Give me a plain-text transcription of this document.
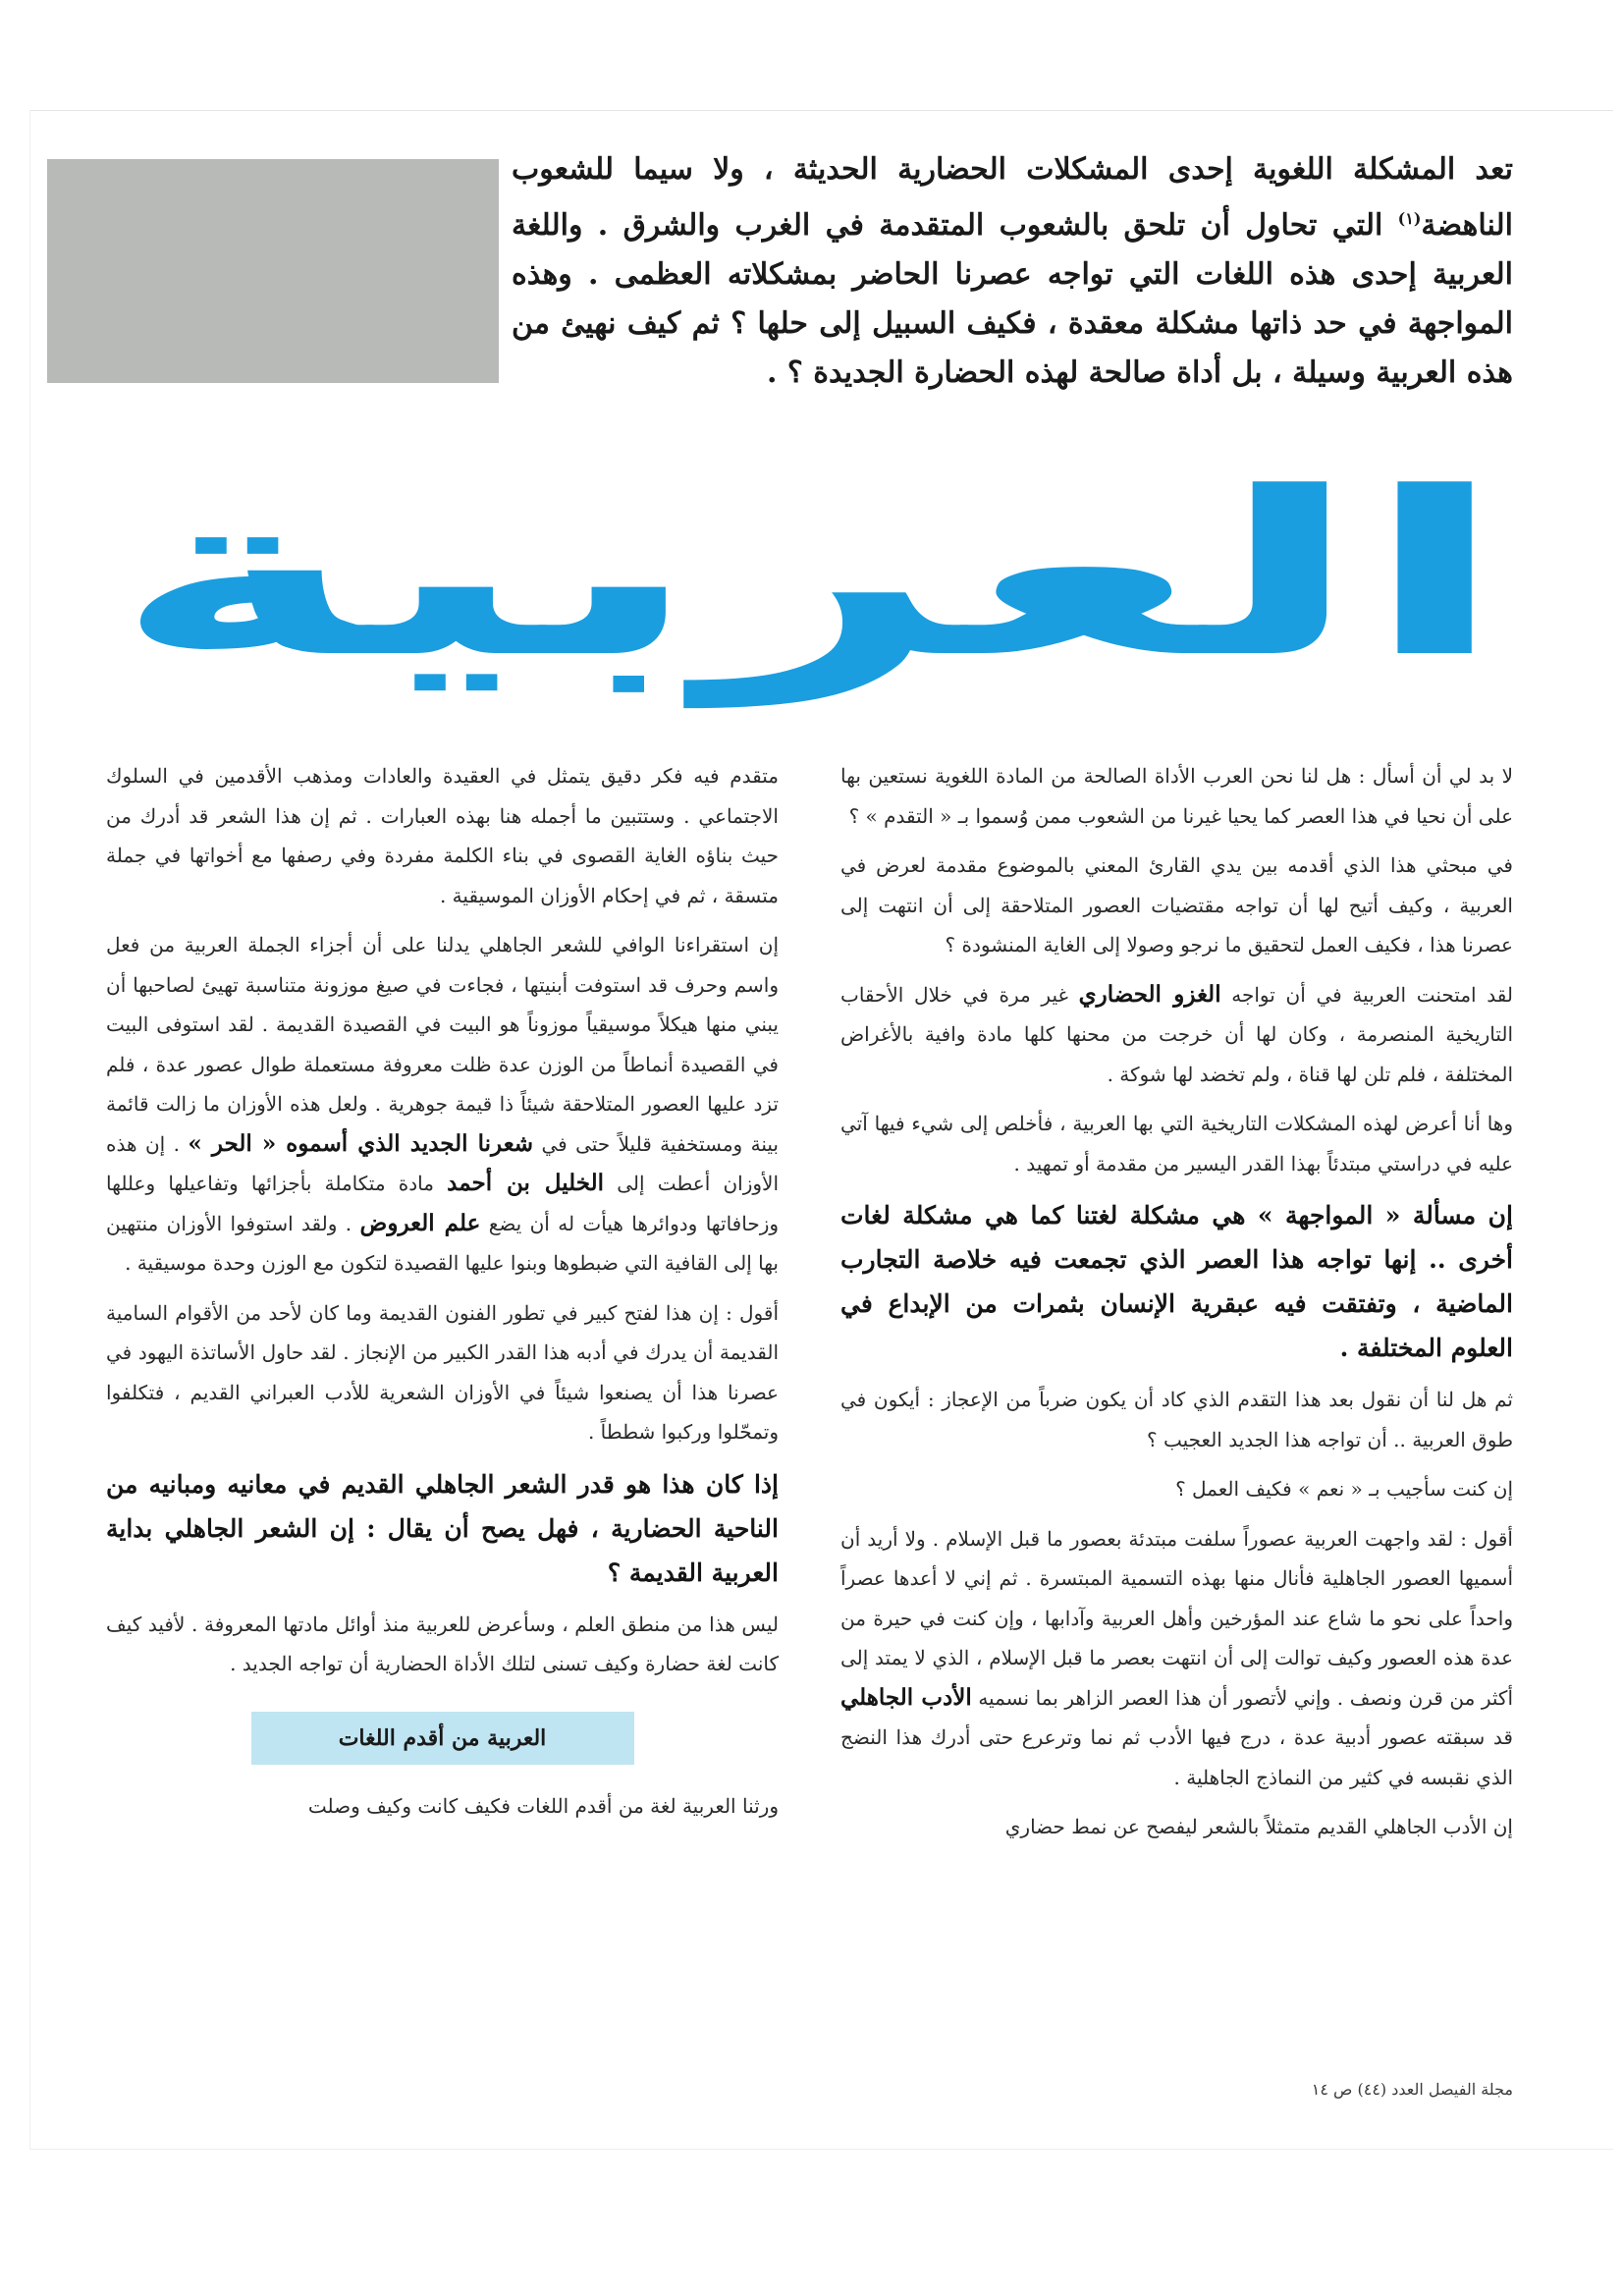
تعد المشكلة اللغوية إحدى المشكلات الحضارية الحديثة ، ولا سيما للشعوب الناهضة$^{(١)}$ التي تحاول أن تلحق بالشعوب المتقدمة في الغرب والشرق . واللغة العربية إحدى هذه اللغات التي تواجه عصرنا الحاضر بمشكلاته العظمى . وهذه المواجهة في حد ذاتها مشكلة معقدة ، فكيف السبيل إلى حلها ؟ ثم كيف نهيئ من هذه العربية وسيلة ، بل أداة صالحة لهذه الحضارة الجديدة ؟ .
العربية

لا بد لي أن أسأل : هل لنا نحن العرب الأداة الصالحة من المادة اللغوية نستعين بها على أن نحيا في هذا العصر كما يحيا غيرنا من الشعوب ممن وُسموا بـ « التقدم » ؟

في مبحثي هذا الذي أقدمه بين يدي القارئ المعني بالموضوع مقدمة لعرض في العربية ، وكيف أتيح لها أن تواجه مقتضيات العصور المتلاحقة إلى أن انتهت إلى عصرنا هذا ، فكيف العمل لتحقيق ما نرجو وصولا إلى الغاية المنشودة ؟

لقد امتحنت العربية في أن تواجه الغزو الحضاري غير مرة في خلال الأحقاب التاريخية المنصرمة ، وكان لها أن خرجت من محنها كلها مادة وافية بالأغراض المختلفة ، فلم تلن لها قناة ، ولم تخضد لها شوكة .

وها أنا أعرض لهذه المشكلات التاريخية التي بها العربية ، فأخلص إلى شيء فيها آتي عليه في دراستي مبتدئاً بهذا القدر اليسير من مقدمة أو تمهيد .

إن مسألة « المواجهة » هي مشكلة لغتنا كما هي مشكلة لغات أخرى .. إنها تواجه هذا العصر الذي تجمعت فيه خلاصة التجارب الماضية ، وتفتقت فيه عبقرية الإنسان بثمرات من الإبداع في العلوم المختلفة .

ثم هل لنا أن نقول بعد هذا التقدم الذي كاد أن يكون ضرباً من الإعجاز : أيكون في طوق العربية .. أن تواجه هذا الجديد العجيب ؟

إن كنت سأجيب بـ « نعم » فكيف العمل ؟

أقول : لقد واجهت العربية عصوراً سلفت مبتدئة بعصور ما قبل الإسلام . ولا أريد أن أسميها العصور الجاهلية فأنال منها بهذه التسمية المبتسرة . ثم إني لا أعدها عصراً واحداً على نحو ما شاع عند المؤرخين وأهل العربية وآدابها ، وإن كنت في حيرة من عدة هذه العصور وكيف توالت إلى أن انتهت بعصر ما قبل الإسلام ، الذي لا يمتد إلى أكثر من قرن ونصف . وإني لأتصور أن هذا العصر الزاهر بما نسميه الأدب الجاهلي قد سبقته عصور أدبية عدة ، درج فيها الأدب ثم نما وترعرع حتى أدرك هذا النضج الذي نقبسه في كثير من النماذج الجاهلية .

إن الأدب الجاهلي القديم متمثلاً بالشعر ليفصح عن نمط حضاري

متقدم فيه فكر دقيق يتمثل في العقيدة والعادات ومذهب الأقدمين في السلوك الاجتماعي . وستتبين ما أجمله هنا بهذه العبارات . ثم إن هذا الشعر قد أدرك من حيث بناؤه الغاية القصوى في بناء الكلمة مفردة وفي رصفها مع أخواتها في جملة متسقة ، ثم في إحكام الأوزان الموسيقية .

إن استقراءنا الوافي للشعر الجاهلي يدلنا على أن أجزاء الجملة العربية من فعل واسم وحرف قد استوفت أبنيتها ، فجاءت في صيغ موزونة متناسبة تهيئ لصاحبها أن يبني منها هيكلاً موسيقياً موزوناً هو البيت في القصيدة القديمة . لقد استوفى البيت في القصيدة أنماطاً من الوزن عدة ظلت معروفة مستعملة طوال عصور عدة ، فلم تزد عليها العصور المتلاحقة شيئاً ذا قيمة جوهرية . ولعل هذه الأوزان ما زالت قائمة بينة ومستخفية قليلاً حتى في شعرنا الجديد الذي أسموه « الحر » . إن هذه الأوزان أعطت إلى الخليل بن أحمد مادة متكاملة بأجزائها وتفاعيلها وعللها وزحافاتها ودوائرها هيأت له أن يضع علم العروض . ولقد استوفوا الأوزان منتهين بها إلى القافية التي ضبطوها وبنوا عليها القصيدة لتكون مع الوزن وحدة موسيقية .

أقول : إن هذا لفتح كبير في تطور الفنون القديمة وما كان لأحد من الأقوام السامية القديمة أن يدرك في أدبه هذا القدر الكبير من الإنجاز . لقد حاول الأساتذة اليهود في عصرنا هذا أن يصنعوا شيئاً في الأوزان الشعرية للأدب العبراني القديم ، فتكلفوا وتمحّلوا وركبوا شططاً .

إذا كان هذا هو قدر الشعر الجاهلي القديم في معانيه ومبانيه من الناحية الحضارية ، فهل يصح أن يقال : إن الشعر الجاهلي بداية العربية القديمة ؟

ليس هذا من منطق العلم ، وسأعرض للعربية منذ أوائل مادتها المعروفة . لأفيد كيف كانت لغة حضارة وكيف تسنى لتلك الأداة الحضارية أن تواجه الجديد .

العربية من أقدم اللغات

ورثنا العربية لغة من أقدم اللغات فكيف كانت وكيف وصلت

مجلة الفيصل العدد (٤٤) ص ١٤
